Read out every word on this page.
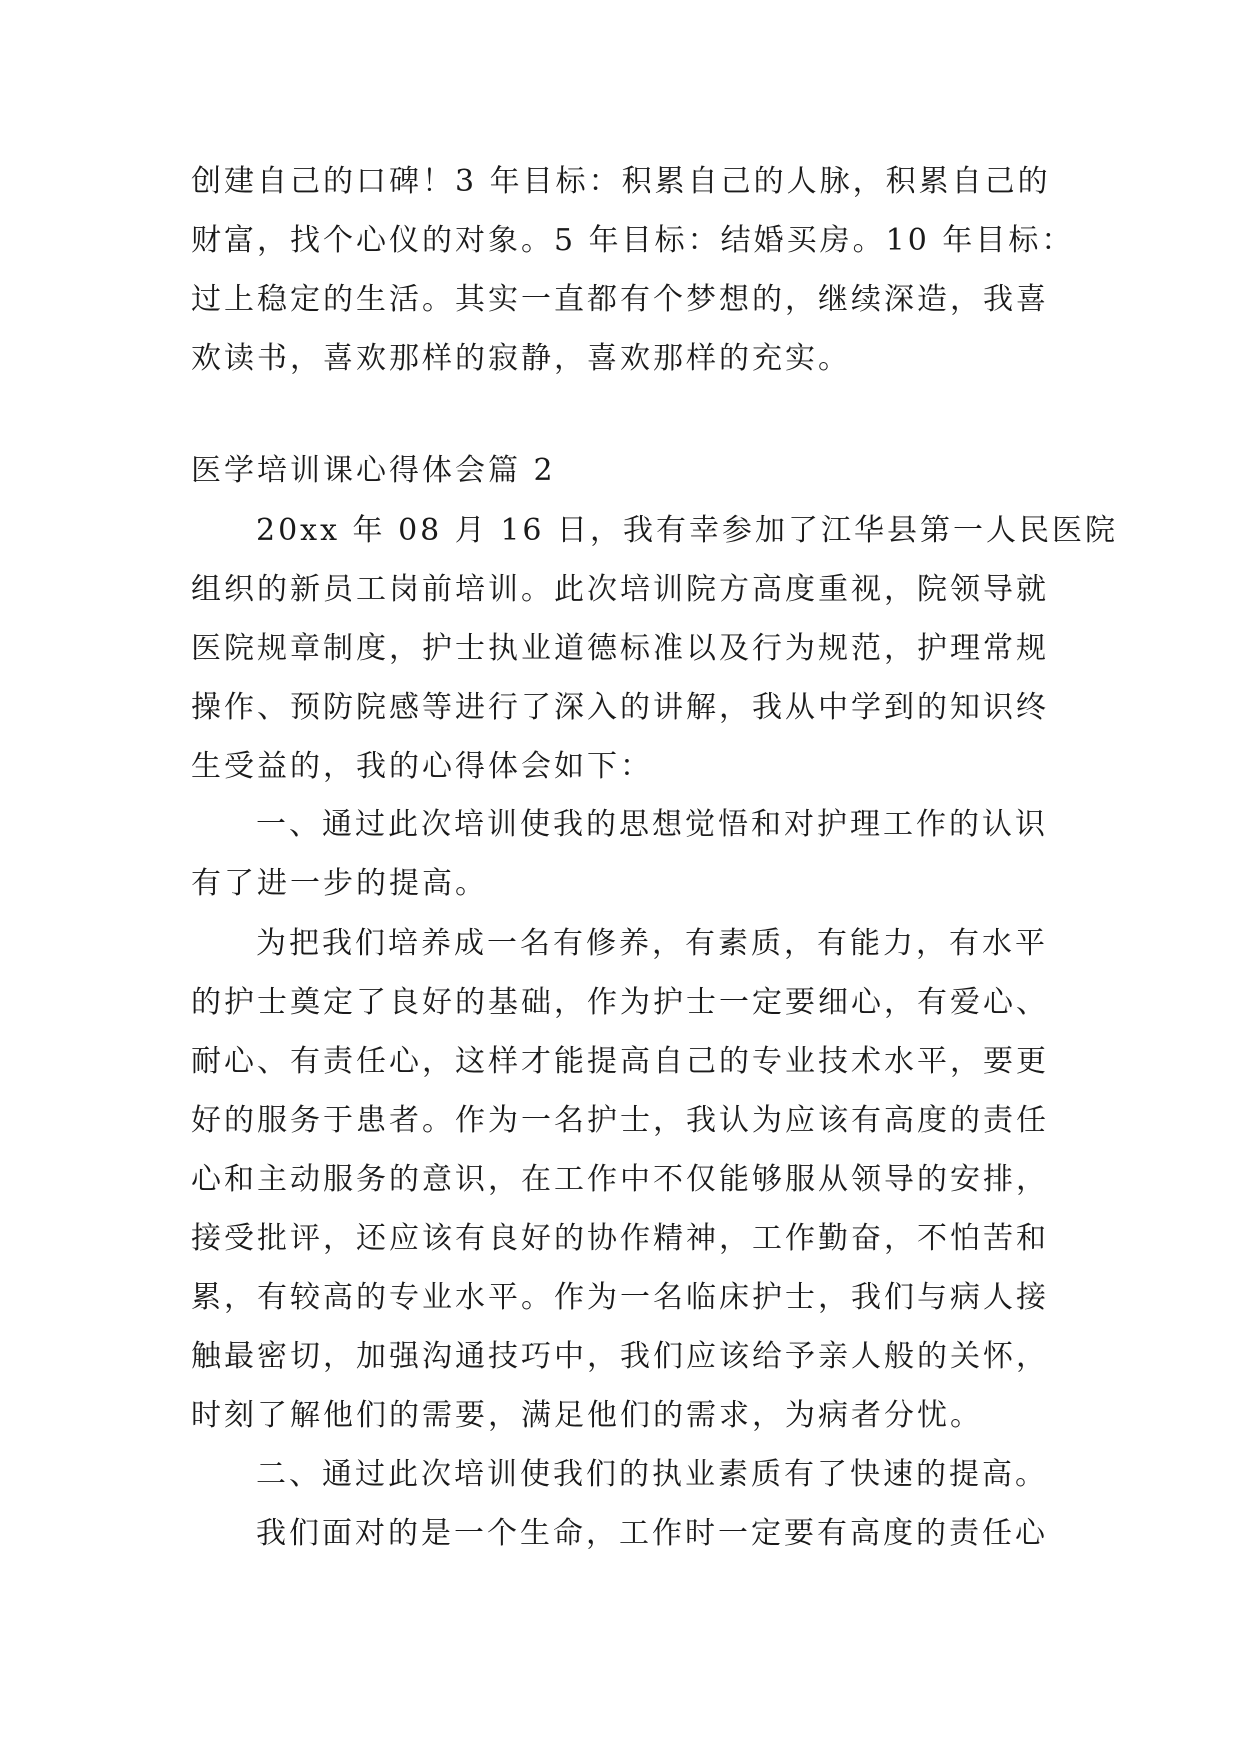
创建自己的口碑！3 年目标：积累自己的人脉，积累自己的

财富，找个心仪的对象。5 年目标：结婚买房。10 年目标：

过上稳定的生活。其实一直都有个梦想的，继续深造，我喜

欢读书，喜欢那样的寂静，喜欢那样的充实。

医学培训课心得体会篇 2

20xx 年 08 月 16 日，我有幸参加了江华县第一人民医院

组织的新员工岗前培训。此次培训院方高度重视，院领导就

医院规章制度，护士执业道德标准以及行为规范，护理常规

操作、预防院感等进行了深入的讲解，我从中学到的知识终

生受益的，我的心得体会如下：

一、通过此次培训使我的思想觉悟和对护理工作的认识

有了进一步的提高。

为把我们培养成一名有修养，有素质，有能力，有水平

的护士奠定了良好的基础，作为护士一定要细心，有爱心、

耐心、有责任心，这样才能提高自己的专业技术水平，要更

好的服务于患者。作为一名护士，我认为应该有高度的责任

心和主动服务的意识，在工作中不仅能够服从领导的安排，

接受批评，还应该有良好的协作精神，工作勤奋，不怕苦和

累，有较高的专业水平。作为一名临床护士，我们与病人接

触最密切，加强沟通技巧中，我们应该给予亲人般的关怀，

时刻了解他们的需要，满足他们的需求，为病者分忧。

二、通过此次培训使我们的执业素质有了快速的提高。

我们面对的是一个生命，工作时一定要有高度的责任心
